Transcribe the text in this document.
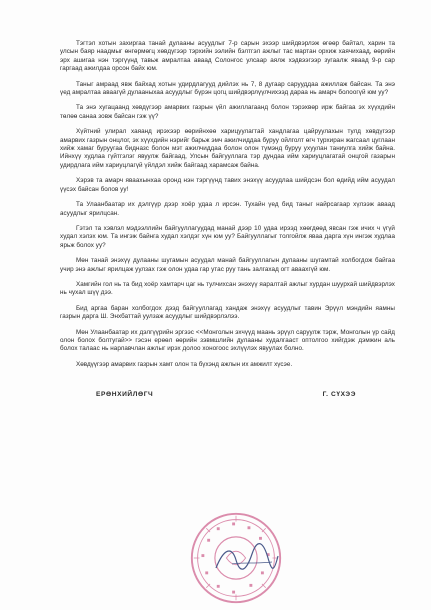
Тэгтэл хотын захиргаа танай дулааны асуудлыг 7-р сарын эхээр шийдвэрлэж өгөөр байтал, харин та улсын бaяр наадмыг өнгөрмөгц хөвдүгээр тэрхийн ээлийн бэлтгэл ажлыг тас мартан орхиж хаячихаад, өөрийн эрх ашигаа нэн тэргүүнд тавьж амралтаа аваад Солонгос улсаар аялж хэдвээгээр зугаалж яваад 9-р сар гаргаад ажилдаа орсон байх юм.

Таныг амраад явж байхад хотын удирдлагууд дийлэх нь 7, 8 дугаар сарууддаа ажиллаж байсан. Та энэ үед амралтаа аваагүй дулааныхаа асуудлыг бүрэн цогц шийдвэрлүүлчихээд дараа нь амарч болоогүй юм уу?

Та энэ хугацаанд хөвдүгээр амарвих газрын үйл ажиллагаанд болон тэрэхвөр ирж байгаа эх хүүхдийн төлөө санаа зовж байсан гэж үү?

Хүйтний улирал хаяанд ирэхээр өөрийнхөө харицуулагтай хандлагаа цайруулахын тулд хөвдүгээр амарвих газрын онцлог, эх хүүхдийн нэрийг барьж эмч ажилчиддаа буруу ойлголт өгч турхиран жагсаал цуглаан хийж хамаг буруугаа бидназс болон мэт ажилчиддаа болон олон түмэнд буруу ухуулан таниулга хийж байна. Ийнхүү худлаа гүйтгэлэг явуулж байгаад, Улсын байгууллага тэр дундаа ийм хариуцлагатай онцгой газарын удирдлага ийм хариуцлагүй үйлдэл хийж байгаад харамсаж байна.

Хэрэв та амарч яваахынхаа оронд нэн тэргүүнд тавих энэхүү асуудлаа шийдсэн бол өдийд ийм асуудал үүсэх байсан болов уу!

Та Улаанбаатар их дэлгүүр дээр хоёр удаа л ирсэн. Тухайн үед бид таныг найрсагаар хүлээж аваад асуудлыг ярилцсан.

Гэтэл та хэвлэл мэдээллийн байгууллагуудад манай дээр 10 удаа ирээд хөөгдөөд явсан гэж ичих ч үгүй худал хэлэх юм. Та ингэж байнга худал хэлдэг хүн юм уу? Байгууллагыг толгойлж яваа дарга хүн ингэж худлаа ярьж болох уу?

Мөн танай энэхүү дулааны шугамын асуудал манай байгууллагын дулааны шугамтай холбогдож байгаа учир энэ ажлыг ярилцаж уулзах гэж олон удаа гар утас руу тань залгахад огт аваахгүй юм.

Хамгийн гол нь та бид хоёр хамтарч цаг нь тулчихсан энэхүү яаралтай ажлыг хурдан шуурхай шийдвэрлэх нь чухал шүү дээ.

Бид аргаа баран холбогдох дээд байгууллагад хандаж энэхүү асуудлыг тавин Эрүүл мэндийн яамны газрын дарга Ш. Энхбаттай уулзаж асуудлыг шийдвэрлэлээ.

Мөн Улаанбаатар их дэлгүүрийн эргээс <<Монголын эхчүүд маань эрүүл саруулж тэрж, Монголын үр сайд олон болох болтугай>> гэсэн ерөөл өөрийн зэвмшлийн дулааны худалгааст оптолгоо хийгдэж дэмжин аль болох талаас нь нарлавчлан ажлыг ирэх долоо хоногоос эхлүүлэх явуулах болно.

Хөвдүүгээр амарвих газрын хамт олон та бүхэнд ажлын их амжилт хүсэе.

ЕРӨНХИЙЛӨГЧ	Г. СҮХЭЭ
